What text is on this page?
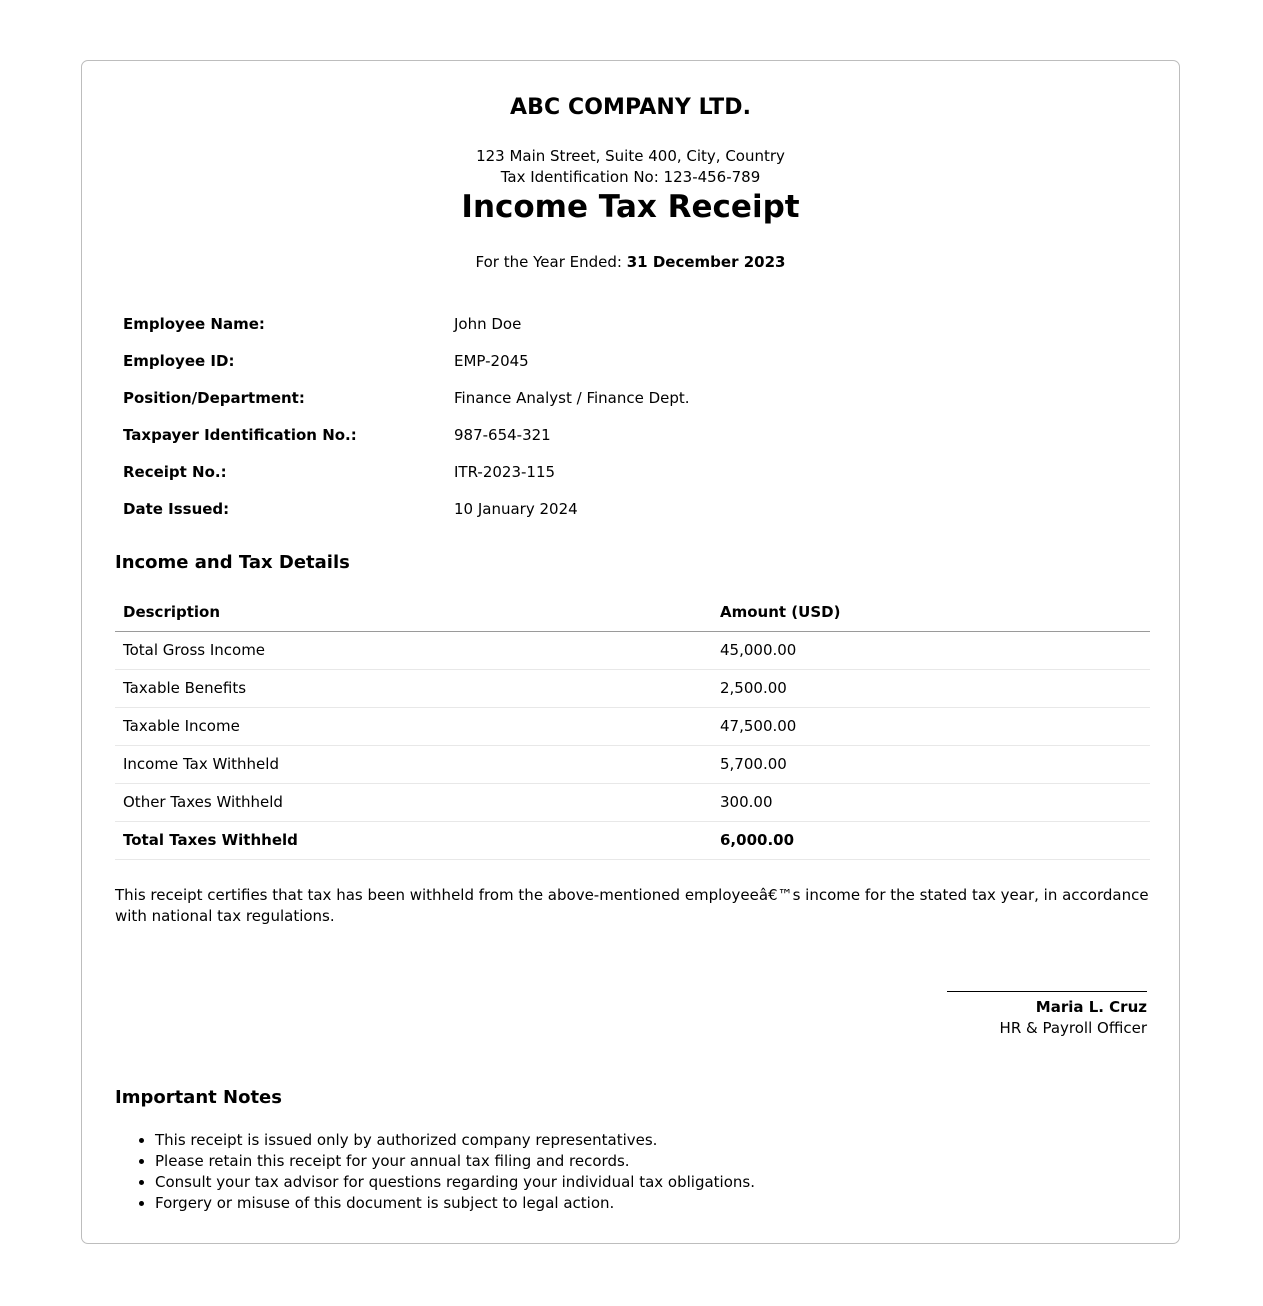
ABC COMPANY LTD.
123 Main Street, Suite 400, City, Country
Tax Identification No: 123-456-789
Income Tax Receipt
For the Year Ended: 31 December 2023
Employee Name:	John Doe
Employee ID:	EMP-2045
Position/Department:	Finance Analyst / Finance Dept.
Taxpayer Identification No.:	987-654-321
Receipt No.:	ITR-2023-115
Date Issued:	10 January 2024
Income and Tax Details
Description	Amount (USD)
Total Gross Income	45,000.00
Taxable Benefits	2,500.00
Taxable Income	47,500.00
Income Tax Withheld	5,700.00
Other Taxes Withheld	300.00
Total Taxes Withheld	6,000.00
This receipt certifies that tax has been withheld from the above-mentioned employeeâ€™s income for the stated tax year, in accordance with national tax regulations.
Maria L. Cruz
HR & Payroll Officer
Important Notes
• This receipt is issued only by authorized company representatives.
• Please retain this receipt for your annual tax filing and records.
• Consult your tax advisor for questions regarding your individual tax obligations.
• Forgery or misuse of this document is subject to legal action.
